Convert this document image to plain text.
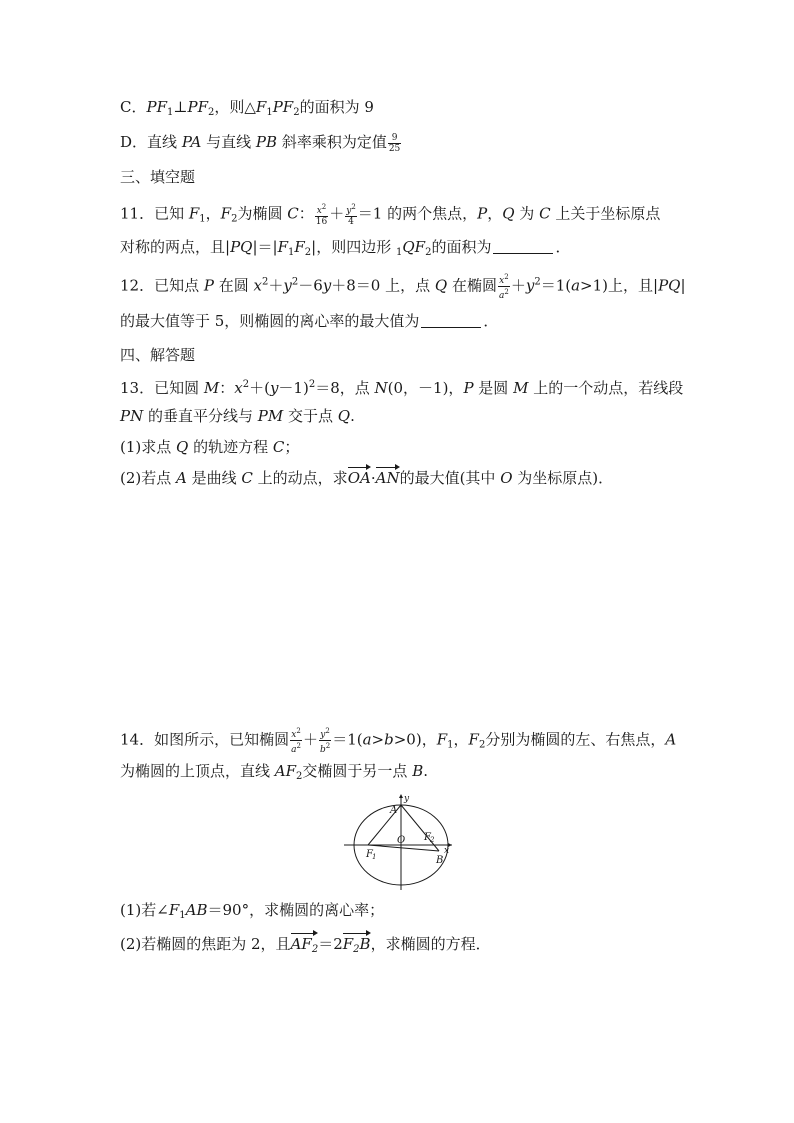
C．$PF_1\perp PF_2$，则$\triangle F_1PF_2$的面积为 9
D．直线 PA 与直线 PB 斜率乘积为定值 $\frac{9}{25}$
三、填空题
11．已知 $F_1$，$F_2$为椭圆 C： $\frac{x^2}{16} + \frac{y^2}{4} =1$ 的两个焦点，P，Q 为 C 上关于坐标原点
对称的两点，且$|PQ|=|F_1F_2|$，则四边形 $_1QF_2$的面积为	．
12．已知点 P 在圆 $x^2+y^2-6y+8=0$ 上，点 Q 在椭圆 $\frac{x^2}{a^2} +y^2=1(a>1)$上，且|PQ|
的最大值等于 5，则椭圆的离心率的最大值为	．
四、解答题
13．已知圆 M：$x^2+(y-1)^2=8$，点 N(0，－1)，P 是圆 M 上的一个动点，若线段
PN 的垂直平分线与 PM 交于点 Q.
(1)求点 Q 的轨迹方程 C；
(2)若点 A 是曲线 C 上的动点，求OA·AN的最大值(其中 O 为坐标原点)．
14．如图所示，已知椭圆 $\frac{x^2}{a^2} + \frac{y^2}{b^2} =1(a>b>0)$，$F_1$，$F_2$分别为椭圆的左、右焦点，A
为椭圆的上顶点，直线 $AF_2$交椭圆于另一点 B.
y
x
A
O
F 1
F 2
B
(1)若$\angle F_1AB=90^\circ$，求椭圆的离心率；
(2)若椭圆的焦距为 2，且$AF_2=2F_2B$，求椭圆的方程．
